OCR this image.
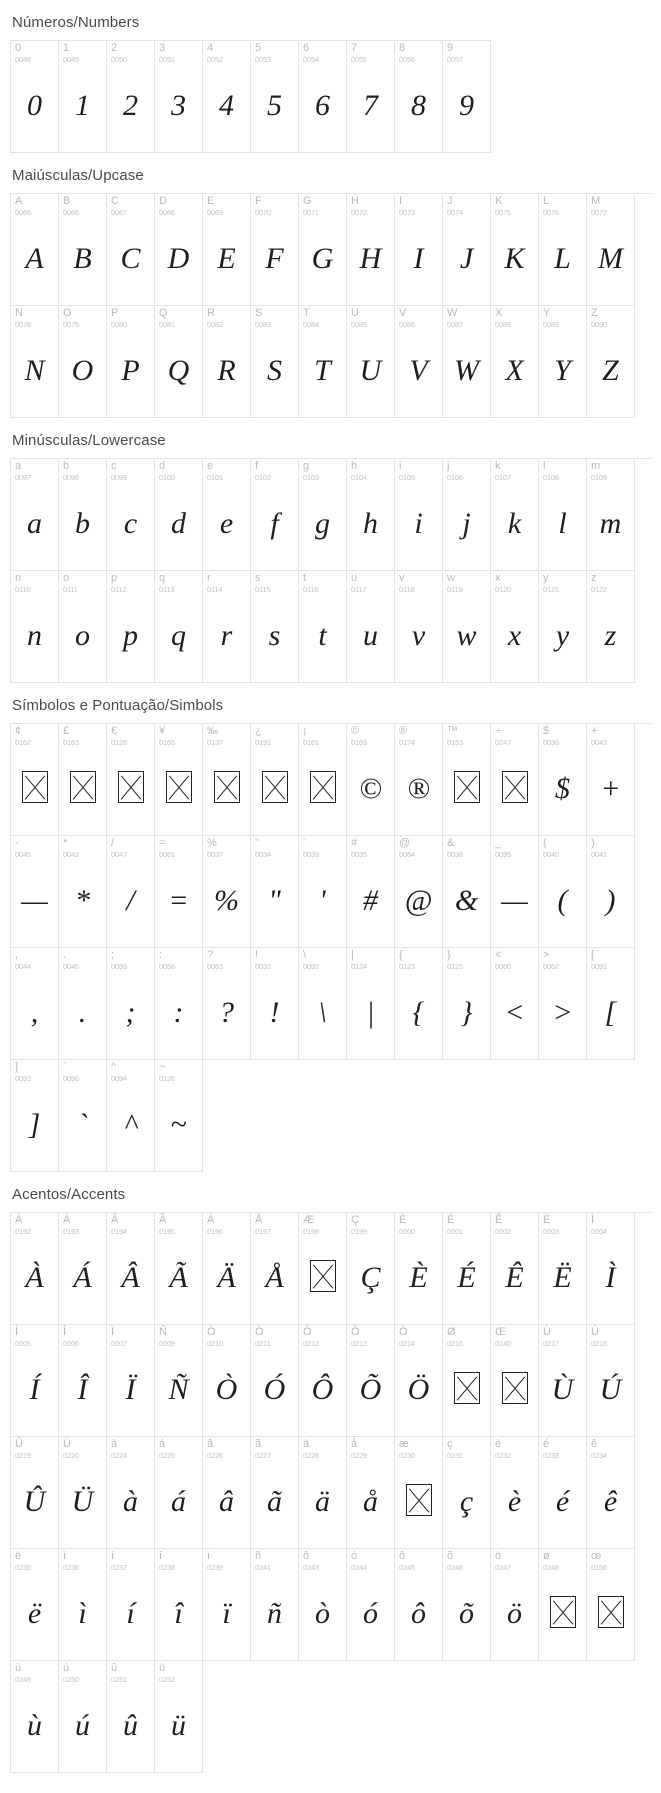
Números/Numbers
0
0048
0
1
0049
1
2
0050
2
3
0051
3
4
0052
4
5
0053
5
6
0054
6
7
0055
7
8
0056
8
9
0057
9
Maiúsculas/Upcase
A
0065
A
B
0066
B
C
0067
C
D
0068
D
E
0069
E
F
0070
F
G
0071
G
H
0072
H
I
0073
I
J
0074
J
K
0075
K
L
0076
L
M
0077
M
N
0078
N
O
0079
O
P
0080
P
Q
0081
Q
R
0082
R
S
0083
S
T
0084
T
U
0085
U
V
0086
V
W
0087
W
X
0088
X
Y
0089
Y
Z
0090
Z
Minúsculas/Lowercase
a
0097
a
b
0098
b
c
0099
c
d
0100
d
e
0101
e
f
0102
f
g
0103
g
h
0104
h
i
0105
i
j
0106
j
k
0107
k
l
0108
l
m
0109
m
n
0110
n
o
0111
o
p
0112
p
q
0113
q
r
0114
r
s
0115
s
t
0116
t
u
0117
u
v
0118
v
w
0119
w
x
0120
x
y
0121
y
z
0122
z
Símbolos e Pontuação/Simbols
¢
0162
£
0163
€
0128
¥
0165
‰
0137
¿
0191
¡
0161
©
0169
©
®
0174
®
™
0153
÷
0247
$
0036
$
+
0043
+
-
0045
—
*
0042
*
/
0047
/
=
0061
=
%
0037
%
"
0034
"
'
0039
'
#
0035
#
@
0064
@
&
0038
&
_
0095
—
(
0040
(
)
0041
)
,
0044
,
.
0046
.
;
0059
;
:
0058
:
?
0063
?
!
0033
!
\
0092
\
|
0124
|
{
0123
{
}
0125
}
<
0060
<
>
0062
>
[
0091
[
]
0093
]
`
0096
`
^
0094
^
~
0126
~
Acentos/Accents
À
0192
À
Á
0193
Á
Â
0194
Â
Ã
0195
Ã
Ä
0196
Ä
Å
0197
Å
Æ
0198
Ç
0199
Ç
È
0200
È
É
0201
É
Ê
0202
Ê
Ë
0203
Ë
Ì
0204
Ì
Í
0205
Í
Î
0206
Î
Ï
0207
Ï
Ñ
0209
Ñ
Ò
0210
Ò
Ó
0211
Ó
Ô
0212
Ô
Õ
0213
Õ
Ö
0214
Ö
Ø
0216
Œ
0140
Ù
0217
Ù
Ú
0218
Ú
Û
0219
Û
Ü
0220
Ü
à
0224
à
á
0225
á
â
0226
â
ã
0227
ã
ä
0228
ä
å
0229
å
æ
0230
ç
0231
ç
è
0232
è
é
0233
é
ê
0234
ê
ë
0235
ë
ì
0236
ì
í
0237
í
î
0238
î
ï
0239
ï
ñ
0241
ñ
ô
0243
ò
ó
0244
ó
ô
0245
ô
õ
0246
õ
ö
0247
ö
ø
0248
œ
0156
ù
0249
ù
ú
0250
ú
û
0251
û
ü
0252
ü
